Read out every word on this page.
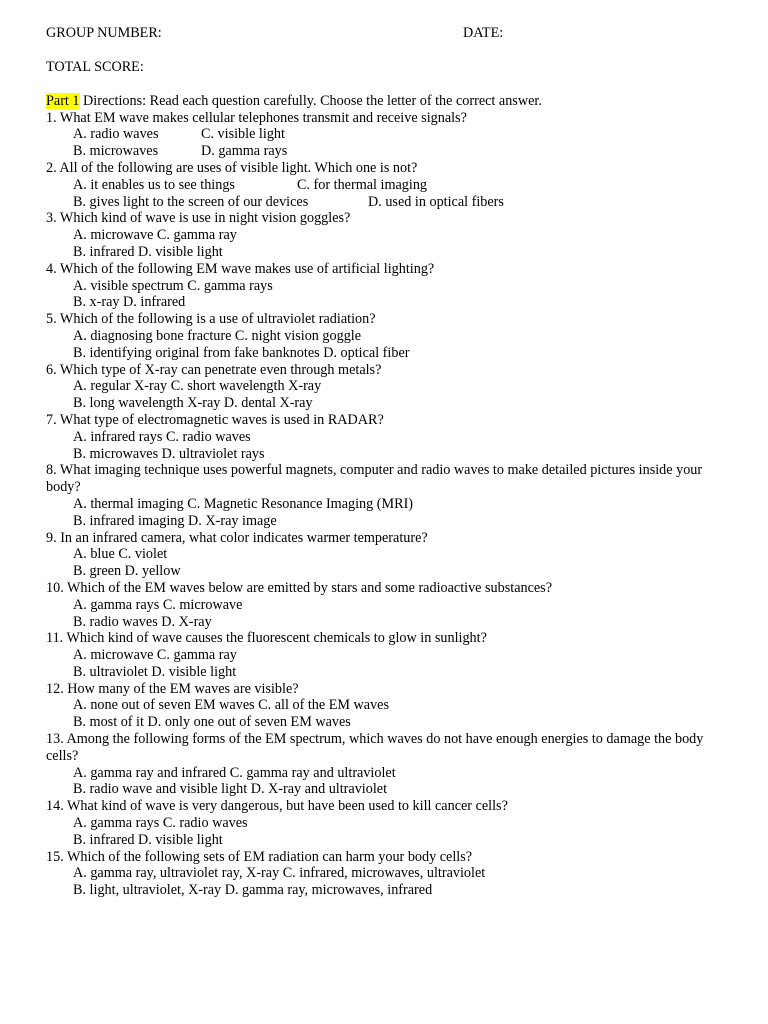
GROUP NUMBER:	DATE:
TOTAL SCORE:
Part 1 Directions: Read each question carefully. Choose the letter of the correct answer.
1. What EM wave makes cellular telephones transmit and receive signals?
A. radio waves	C. visible light
B. microwaves	D. gamma rays
2. All of the following are uses of visible light. Which one is not?
A. it enables us to see things	C. for thermal imaging
B. gives light to the screen of our devices	D. used in optical fibers
3. Which kind of wave is use in night vision goggles?
A. microwave C. gamma ray
B. infrared D. visible light
4. Which of the following EM wave makes use of artificial lighting?
A. visible spectrum C. gamma rays
B. x-ray D. infrared
5. Which of the following is a use of ultraviolet radiation?
A. diagnosing bone fracture C. night vision goggle
B. identifying original from fake banknotes D. optical fiber
6. Which type of X-ray can penetrate even through metals?
A. regular X-ray C. short wavelength X-ray
B. long wavelength X-ray D. dental X-ray
7. What type of electromagnetic waves is used in RADAR?
A. infrared rays C. radio waves
B. microwaves D. ultraviolet rays
8. What imaging technique uses powerful magnets, computer and radio waves to make detailed pictures inside your body?
A. thermal imaging C. Magnetic Resonance Imaging (MRI)
B. infrared imaging D. X-ray image
9. In an infrared camera, what color indicates warmer temperature?
A. blue C. violet
B. green D. yellow
10. Which of the EM waves below are emitted by stars and some radioactive substances?
A. gamma rays C. microwave
B. radio waves D. X-ray
11. Which kind of wave causes the fluorescent chemicals to glow in sunlight?
A. microwave C. gamma ray
B. ultraviolet D. visible light
12. How many of the EM waves are visible?
A. none out of seven EM waves C. all of the EM waves
B. most of it D. only one out of seven EM waves
13. Among the following forms of the EM spectrum, which waves do not have enough energies to damage the body cells?
A. gamma ray and infrared C. gamma ray and ultraviolet
B. radio wave and visible light D. X-ray and ultraviolet
14. What kind of wave is very dangerous, but have been used to kill cancer cells?
A. gamma rays C. radio waves
B. infrared D. visible light
15. Which of the following sets of EM radiation can harm your body cells?
A. gamma ray, ultraviolet ray, X-ray C. infrared, microwaves, ultraviolet
B. light, ultraviolet, X-ray D. gamma ray, microwaves, infrared
